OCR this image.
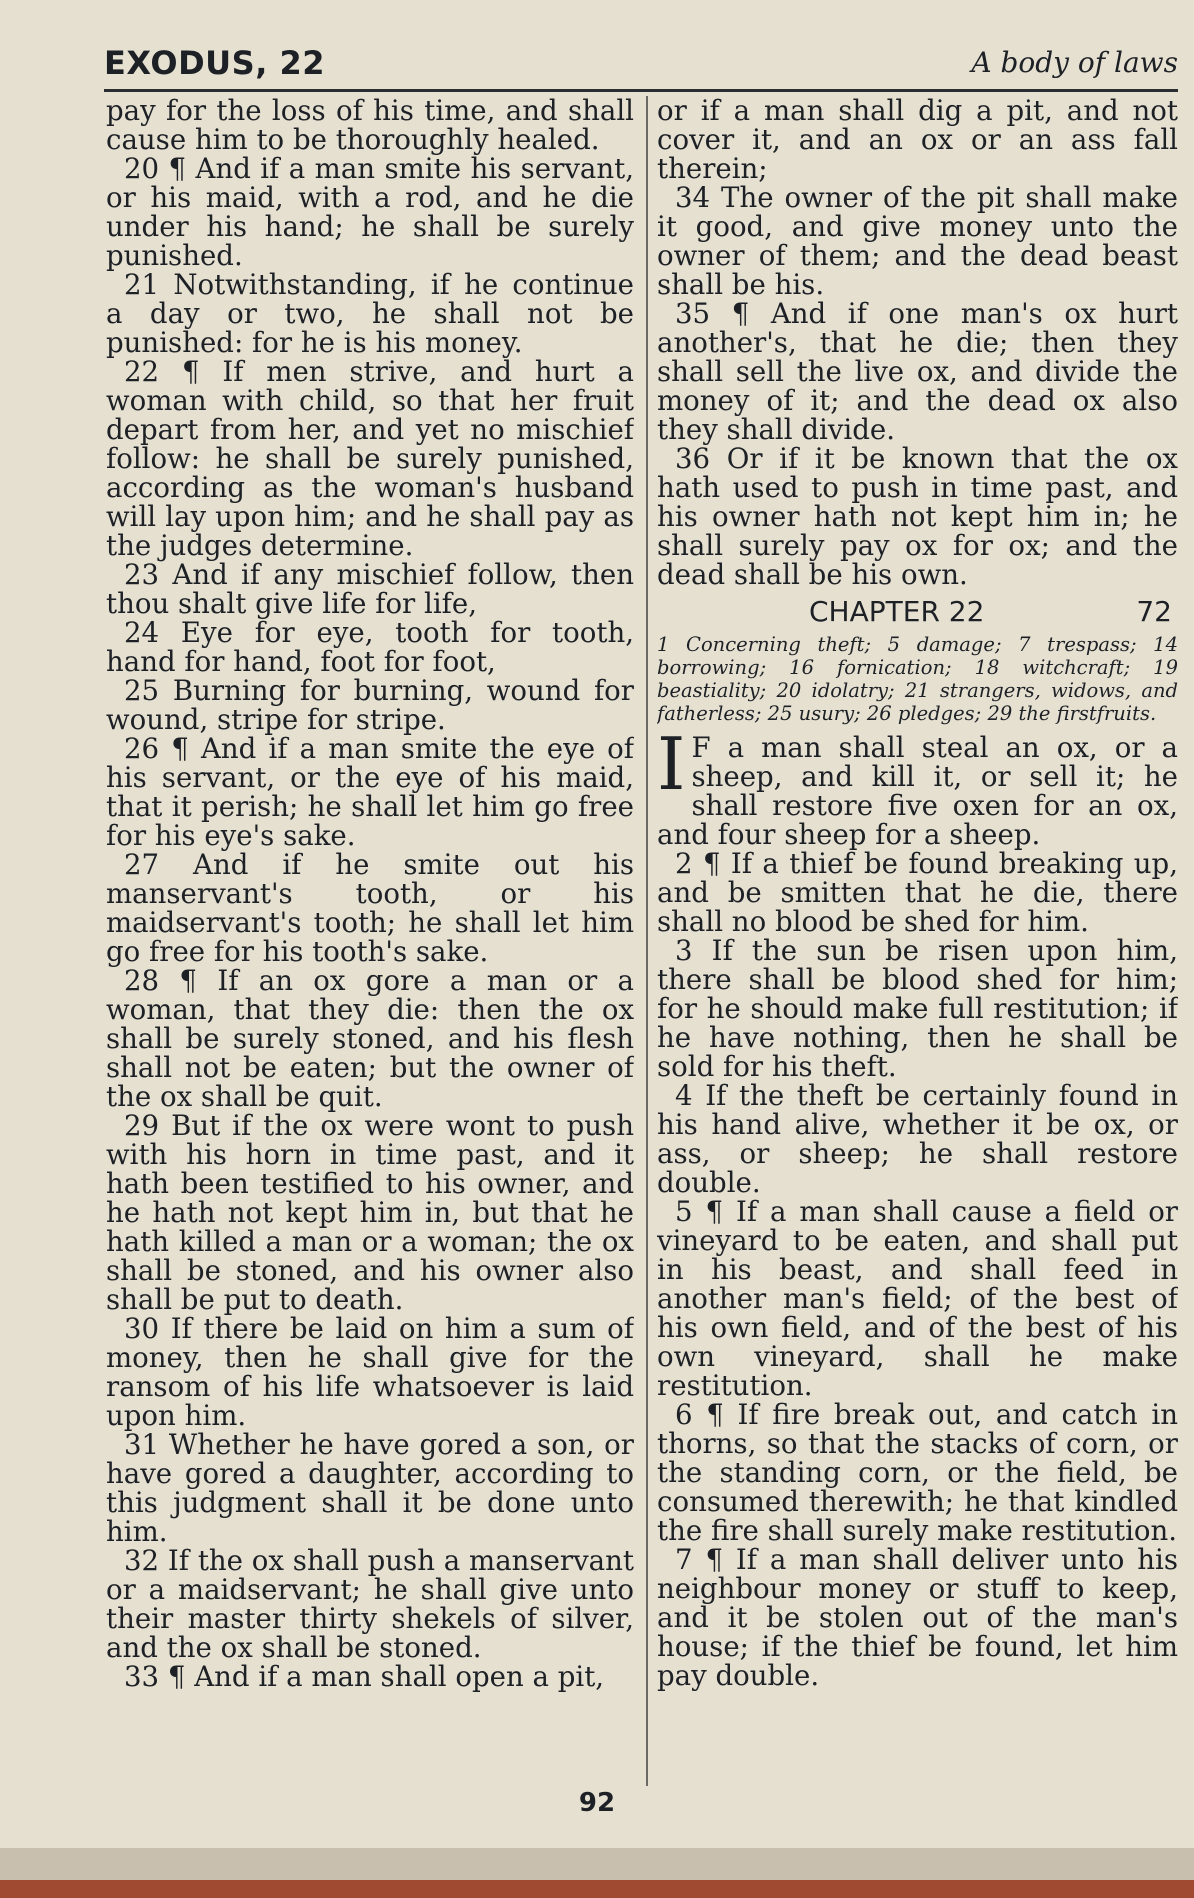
EXODUS, 22	A body of laws

pay for the loss of his time, and shall cause him to be thoroughly healed.

20 ¶ And if a man smite his servant, or his maid, with a rod, and he die under his hand; he shall be surely punished.

21 Notwithstanding, if he continue a day or two, he shall not be punished: for he is his money.

22 ¶ If men strive, and hurt a woman with child, so that her fruit depart from her, and yet no mischief follow: he shall be surely punished, according as the woman's husband will lay upon him; and he shall pay as the judges determine.

23 And if any mischief follow, then thou shalt give life for life,

24 Eye for eye, tooth for tooth, hand for hand, foot for foot,

25 Burning for burning, wound for wound, stripe for stripe.

26 ¶ And if a man smite the eye of his servant, or the eye of his maid, that it perish; he shall let him go free for his eye's sake.

27 And if he smite out his manservant's tooth, or his maidservant's tooth; he shall let him go free for his tooth's sake.

28 ¶ If an ox gore a man or a woman, that they die: then the ox shall be surely stoned, and his flesh shall not be eaten; but the owner of the ox shall be quit.

29 But if the ox were wont to push with his horn in time past, and it hath been testified to his owner, and he hath not kept him in, but that he hath killed a man or a woman; the ox shall be stoned, and his owner also shall be put to death.

30 If there be laid on him a sum of money, then he shall give for the ransom of his life whatsoever is laid upon him.

31 Whether he have gored a son, or have gored a daughter, according to this judgment shall it be done unto him.

32 If the ox shall push a manservant or a maidservant; he shall give unto their master thirty shekels of silver, and the ox shall be stoned.

33 ¶ And if a man shall open a pit,

or if a man shall dig a pit, and not cover it, and an ox or an ass fall therein;

34 The owner of the pit shall make it good, and give money unto the owner of them; and the dead beast shall be his.

35 ¶ And if one man's ox hurt another's, that he die; then they shall sell the live ox, and divide the money of it; and the dead ox also they shall divide.

36 Or if it be known that the ox hath used to push in time past, and his owner hath not kept him in; he shall surely pay ox for ox; and the dead shall be his own.

CHAPTER 22	72
1 Concerning theft; 5 damage; 7 trespass; 14 borrowing; 16 fornication; 18 witchcraft; 19 beastiality; 20 idolatry; 21 strangers, widows, and fatherless; 25 usury; 26 pledges; 29 the firstfruits.

I F a man shall steal an ox, or a sheep, and kill it, or sell it; he shall restore five oxen for an ox, and four sheep for a sheep.

2 ¶ If a thief be found breaking up, and be smitten that he die, there shall no blood be shed for him.

3 If the sun be risen upon him, there shall be blood shed for him; for he should make full restitution; if he have nothing, then he shall be sold for his theft.

4 If the theft be certainly found in his hand alive, whether it be ox, or ass, or sheep; he shall restore double.

5 ¶ If a man shall cause a field or vineyard to be eaten, and shall put in his beast, and shall feed in another man's field; of the best of his own field, and of the best of his own vineyard, shall he make restitution.

6 ¶ If fire break out, and catch in thorns, so that the stacks of corn, or the standing corn, or the field, be consumed therewith; he that kindled the fire shall surely make restitution.

7 ¶ If a man shall deliver unto his neighbour money or stuff to keep, and it be stolen out of the man's house; if the thief be found, let him pay double.

92
